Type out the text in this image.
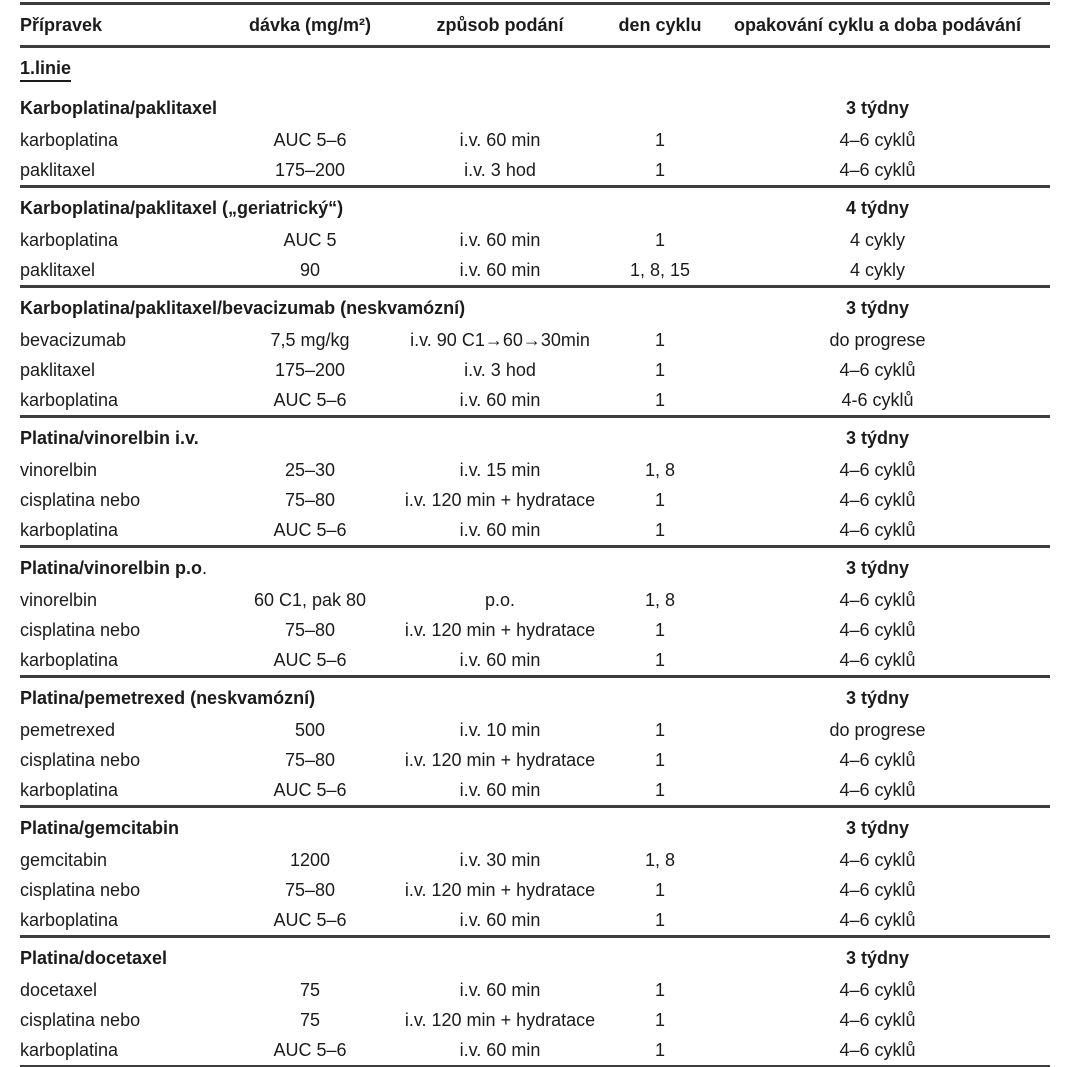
Přípravek	dávka (mg/m²)	způsob podání	den cyklu	opakování cyklu a doba podávání
1.linie				
Karboplatina/paklitaxel				3 týdny
karboplatina	AUC 5–6	i.v. 60 min	1	4–6 cyklů
paklitaxel	175–200	i.v. 3 hod	1	4–6 cyklů
Karboplatina/paklitaxel („geriatrický“)				4 týdny
karboplatina	AUC 5	i.v. 60 min	1	4 cykly
paklitaxel	90	i.v. 60 min	1, 8, 15	4 cykly
Karboplatina/paklitaxel/bevacizumab (neskvamózní)				3 týdny
bevacizumab	7,5 mg/kg	i.v. 90 C1→60→30min	1	do progrese
paklitaxel	175–200	i.v. 3 hod	1	4–6 cyklů
karboplatina	AUC 5–6	i.v. 60 min	1	4-6 cyklů
Platina/vinorelbin i.v.				3 týdny
vinorelbin	25–30	i.v. 15 min	1, 8	4–6 cyklů
cisplatina nebo	75–80	i.v. 120 min + hydratace	1	4–6 cyklů
karboplatina	AUC 5–6	i.v. 60 min	1	4–6 cyklů
Platina/vinorelbin p.o.				3 týdny
vinorelbin	60 C1, pak 80	p.o.	1, 8	4–6 cyklů
cisplatina nebo	75–80	i.v. 120 min + hydratace	1	4–6 cyklů
karboplatina	AUC 5–6	i.v. 60 min	1	4–6 cyklů
Platina/pemetrexed (neskvamózní)				3 týdny
pemetrexed	500	i.v. 10 min	1	do progrese
cisplatina nebo	75–80	i.v. 120 min + hydratace	1	4–6 cyklů
karboplatina	AUC 5–6	i.v. 60 min	1	4–6 cyklů
Platina/gemcitabin				3 týdny
gemcitabin	1200	i.v. 30 min	1, 8	4–6 cyklů
cisplatina nebo	75–80	i.v. 120 min + hydratace	1	4–6 cyklů
karboplatina	AUC 5–6	i.v. 60 min	1	4–6 cyklů
Platina/docetaxel				3 týdny
docetaxel	75	i.v. 60 min	1	4–6 cyklů
cisplatina nebo	75	i.v. 120 min + hydratace	1	4–6 cyklů
karboplatina	AUC 5–6	i.v. 60 min	1	4–6 cyklů
